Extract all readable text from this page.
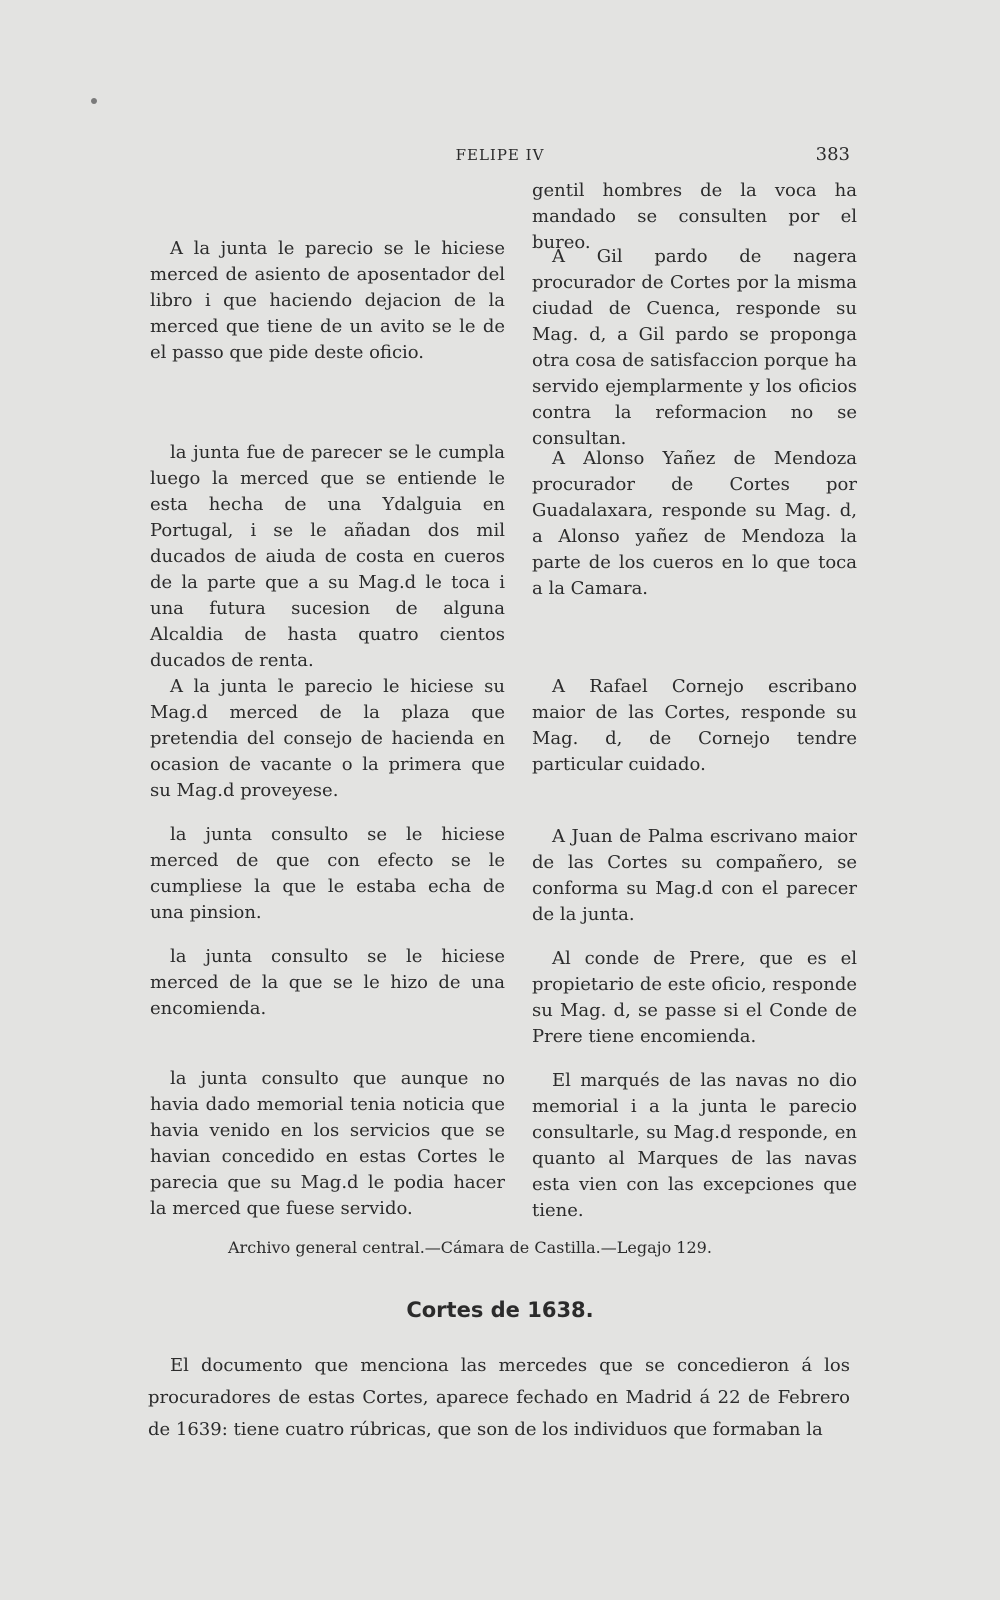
FELIPE IV	383

A la junta le parecio se le hiciese merced de asiento de aposentador del libro i que haciendo dejacion de la merced que tiene de un avito se le de el passo que pide deste oficio.

la junta fue de parecer se le cumpla luego la merced que se entiende le esta hecha de una Ydalguia en Portugal, i se le añadan dos mil ducados de aiuda de costa en cueros de la parte que a su Mag.d le toca i una futura sucesion de alguna Alcaldia de hasta quatro cientos ducados de renta.

A la junta le parecio le hiciese su Mag.d merced de la plaza que pretendia del consejo de hacienda en ocasion de vacante o la primera que su Mag.d proveyese.

la junta consulto se le hiciese merced de que con efecto se le cumpliese la que le estaba echa de una pinsion.

la junta consulto se le hiciese merced de la que se le hizo de una encomienda.

la junta consulto que aunque no havia dado memorial tenia noticia que havia venido en los servicios que se havian concedido en estas Cortes le parecia que su Mag.d le podia hacer la merced que fuese servido.

gentil hombres de la voca ha mandado se consulten por el bureo.

A Gil pardo de nagera procurador de Cortes por la misma ciudad de Cuenca, responde su Mag. d, a Gil pardo se proponga otra cosa de satisfaccion porque ha servido ejemplarmente y los oficios contra la reformacion no se consultan.

A Alonso Yañez de Mendoza procurador de Cortes por Guadalaxara, responde su Mag. d, a Alonso yañez de Mendoza la parte de los cueros en lo que toca a la Camara.

A Rafael Cornejo escribano maior de las Cortes, responde su Mag. d, de Cornejo tendre particular cuidado.

A Juan de Palma escrivano maior de las Cortes su compañero, se conforma su Mag.d con el parecer de la junta.

Al conde de Prere, que es el propietario de este oficio, responde su Mag. d, se passe si el Conde de Prere tiene encomienda.

El marqués de las navas no dio memorial i a la junta le parecio consultarle, su Mag.d responde, en quanto al Marques de las navas esta vien con las excepciones que tiene.

Archivo general central.—Cámara de Castilla.—Legajo 129.
Cortes de 1638.

El documento que menciona las mercedes que se concedieron á los procuradores de estas Cortes, aparece fechado en Madrid á 22 de Febrero de 1639: tiene cuatro rúbricas, que son de los individuos que formaban la
